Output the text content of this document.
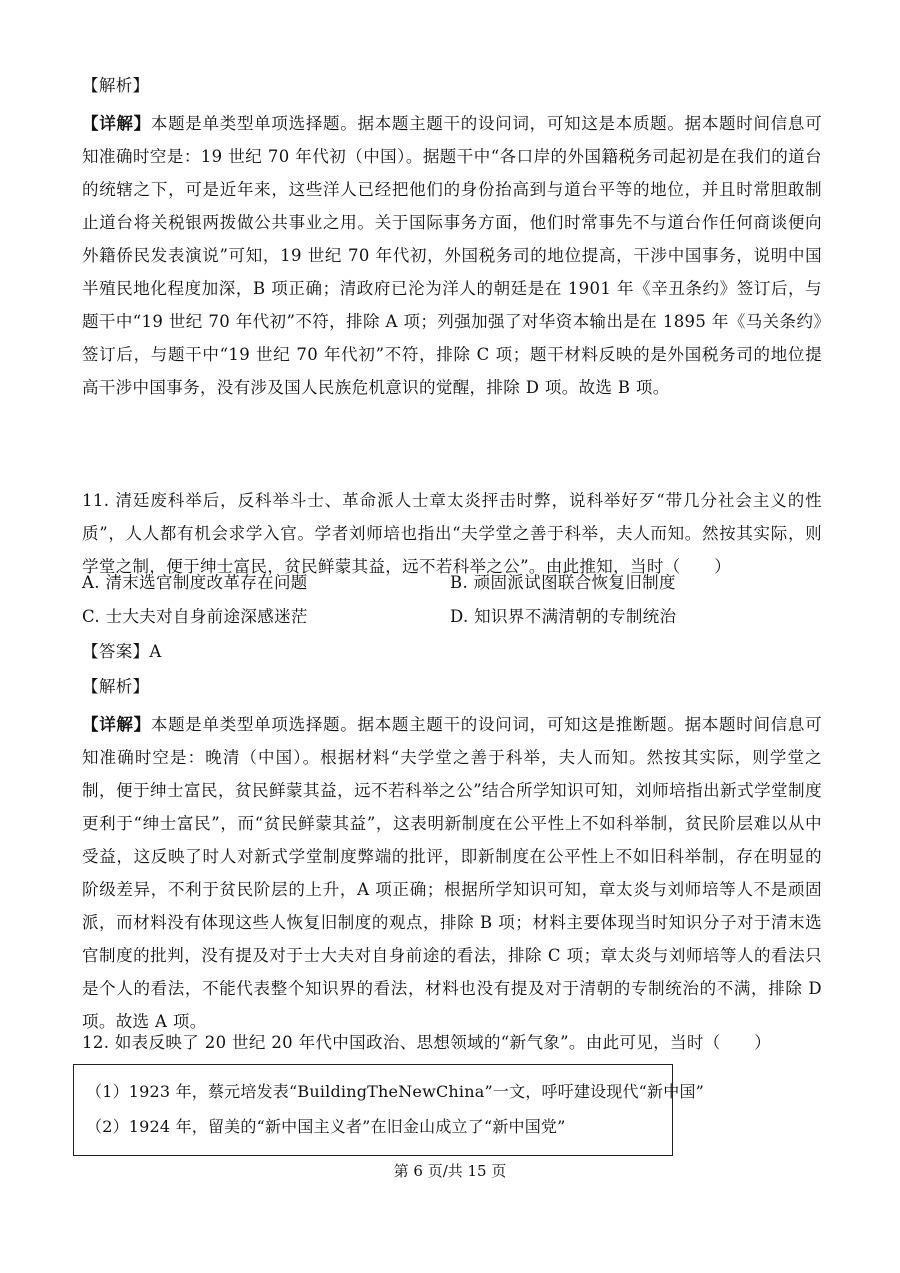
【解析】
【详解】本题是单类型单项选择题。据本题主题干的设问词，可知这是本质题。据本题时间信息可知准确时空是：19 世纪 70 年代初（中国）。据题干中“各口岸的外国籍税务司起初是在我们的道台的统辖之下，可是近年来，这些洋人已经把他们的身份抬高到与道台平等的地位，并且时常胆敢制止道台将关税银两拨做公共事业之用。关于国际事务方面，他们时常事先不与道台作任何商谈便向外籍侨民发表演说”可知，19 世纪 70 年代初，外国税务司的地位提高，干涉中国事务，说明中国半殖民地化程度加深，B 项正确；清政府已沦为洋人的朝廷是在 1901 年《辛丑条约》签订后，与题干中“19 世纪 70 年代初”不符，排除 A 项；列强加强了对华资本输出是在 1895 年《马关条约》签订后，与题干中“19 世纪 70 年代初”不符，排除 C 项；题干材料反映的是外国税务司的地位提高干涉中国事务，没有涉及国人民族危机意识的觉醒，排除 D 项。故选 B 项。
11. 清廷废科举后，反科举斗士、革命派人士章太炎抨击时弊，说科举好歹“带几分社会主义的性质”，人人都有机会求学入官。学者刘师培也指出“夫学堂之善于科举，夫人而知。然按其实际，则学堂之制，便于绅士富民，贫民鲜蒙其益，远不若科举之公”。由此推知，当时（　　）
A. 清末选官制度改革存在问题	B. 顽固派试图联合恢复旧制度
C. 士大夫对自身前途深感迷茫	D. 知识界不满清朝的专制统治
【答案】A
【解析】
【详解】本题是单类型单项选择题。据本题主题干的设问词，可知这是推断题。据本题时间信息可知准确时空是：晚清（中国）。根据材料“夫学堂之善于科举，夫人而知。然按其实际，则学堂之制，便于绅士富民，贫民鲜蒙其益，远不若科举之公”结合所学知识可知，刘师培指出新式学堂制度更利于“绅士富民”，而“贫民鲜蒙其益”，这表明新制度在公平性上不如科举制，贫民阶层难以从中受益，这反映了时人对新式学堂制度弊端的批评，即新制度在公平性上不如旧科举制，存在明显的阶级差异，不利于贫民阶层的上升，A 项正确；根据所学知识可知，章太炎与刘师培等人不是顽固派，而材料没有体现这些人恢复旧制度的观点，排除 B 项；材料主要体现当时知识分子对于清末选官制度的批判，没有提及对于士大夫对自身前途的看法，排除 C 项；章太炎与刘师培等人的看法只是个人的看法，不能代表整个知识界的看法，材料也没有提及对于清朝的专制统治的不满，排除 D 项。故选 A 项。
12. 如表反映了 20 世纪 20 年代中国政治、思想领域的“新气象”。由此可见，当时（　　）
（1）1923 年，蔡元培发表“BuildingTheNewChina”一文，呼吁建设现代“新中国”
（2）1924 年，留美的“新中国主义者”在旧金山成立了“新中国党”
第 6 页/共 15 页
